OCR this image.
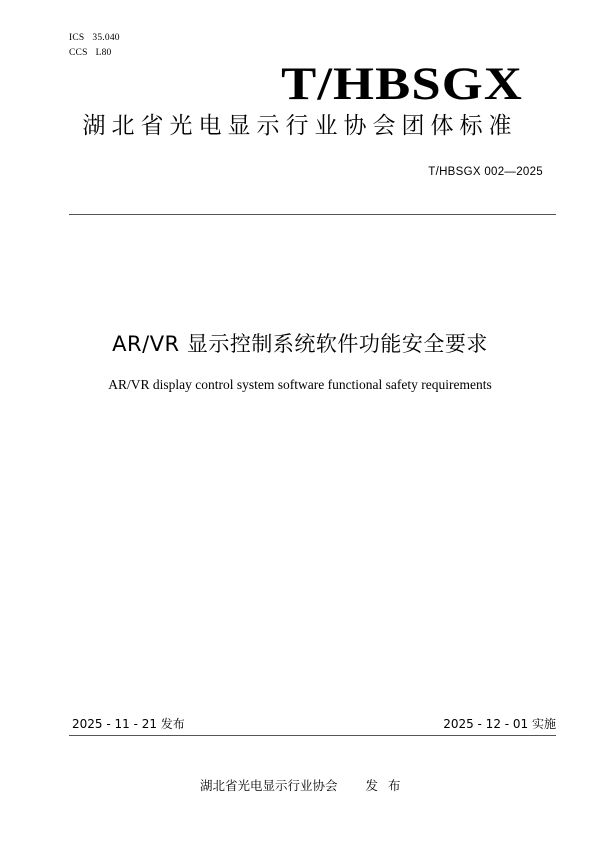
ICS 35.040
CCS L80
T/HBSGX
湖北省光电显示行业协会团体标准
T/HBSGX 002—2025
AR/VR 显示控制系统软件功能安全要求
AR/VR display control system software functional safety requirements
2025 - 11 - 21 发布	2025 - 12 - 01 实施
湖北省光电显示行业协会 发布
